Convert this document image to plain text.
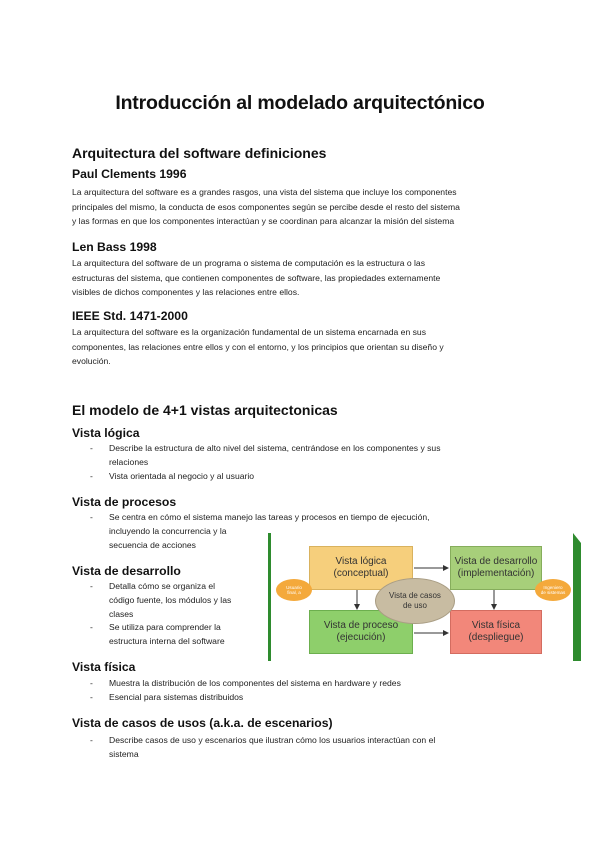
Introducción al modelado arquitectónico
Arquitectura del software definiciones
Paul Clements 1996
La arquitectura del software es a grandes rasgos, una vista del sistema que incluye los componentes
principales del mismo, la conducta de esos componentes según se percibe desde el resto del sistema
y las formas en que los componentes interactúan y se coordinan para alcanzar la misión del sistema
Len Bass 1998
La arquitectura del software de un programa o sistema de computación es la estructura o las
estructuras del sistema, que contienen componentes de software, las propiedades externamente
visibles de dichos componentes y las relaciones entre ellos.
IEEE Std. 1471-2000
La arquitectura del software es la organización fundamental de un sistema encarnada en sus
componentes, las relaciones entre ellos y con el entorno, y los principios que orientan su diseño y
evolución.
El modelo de 4+1 vistas arquitectonicas
Vista lógica
- Describe la estructura de alto nivel del sistema, centrándose en los componentes y sus
relaciones
- Vista orientada al negocio y al usuario
Vista de procesos
- Se centra en cómo el sistema manejo las tareas y procesos en tiempo de ejecución,
incluyendo la concurrencia y la
secuencia de acciones
Vista de desarrollo
- Detalla cómo se organiza el
código fuente, los módulos y las
clases
- Se utiliza para comprender la
estructura interna del software
Vista física
- Muestra la distribución de los componentes del sistema en hardware y redes
- Esencial para sistemas distribuidos
Vista de casos de usos (a.k.a. de escenarios)
- Describe casos de uso y escenarios que ilustran cómo los usuarios interactúan con el
sistema
Vista lógica
(conceptual)
Vista de desarrollo
(implementación)
Vista de proceso
(ejecución)
Vista física
(despliegue)
Vista de casos
de uso
Usuario
final, a
Ingeniero
de sistemas
